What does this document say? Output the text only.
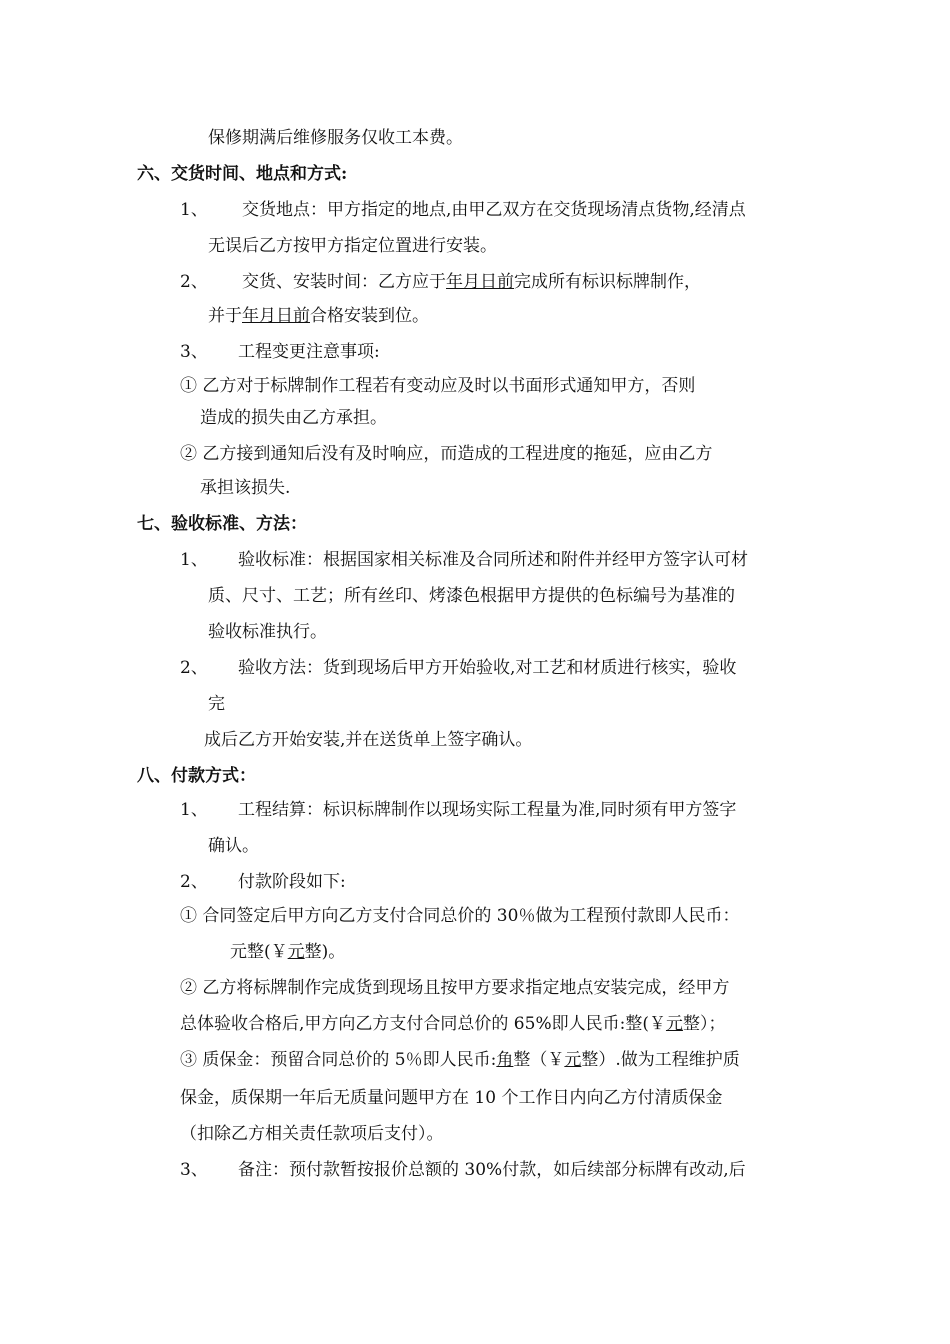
保修期满后维修服务仅收工本费。
六、交货时间、地点和方式:
1、 交货地点：甲方指定的地点,由甲乙双方在交货现场清点货物,经清点
无误后乙方按甲方指定位置进行安装。
2、 交货、安装时间：乙方应于年月日前完成所有标识标牌制作，
并于年月日前合格安装到位。
3、 工程变更注意事项:
① 乙方对于标牌制作工程若有变动应及时以书面形式通知甲方，否则
造成的损失由乙方承担。
② 乙方接到通知后没有及时响应，而造成的工程进度的拖延，应由乙方
承担该损失.
七、验收标准、方法：
1、 验收标准：根据国家相关标准及合同所述和附件并经甲方签字认可材
质、尺寸、工艺；所有丝印、烤漆色根据甲方提供的色标编号为基准的
验收标准执行。
2、 验收方法：货到现场后甲方开始验收,对工艺和材质进行核实，验收
完
成后乙方开始安装,并在送货单上签字确认。
八、付款方式：
1、 工程结算：标识标牌制作以现场实际工程量为准,同时须有甲方签字
确认。
2、 付款阶段如下:
① 合同签定后甲方向乙方支付合同总价的 30％做为工程预付款即人民币：
元整(￥元整)。
② 乙方将标牌制作完成货到现场且按甲方要求指定地点安装完成，经甲方
总体验收合格后,甲方向乙方支付合同总价的 65%即人民币:整(￥元整）；
③ 质保金：预留合同总价的 5％即人民币:角整（￥元整）.做为工程维护质
保金，质保期一年后无质量问题甲方在 10 个工作日内向乙方付清质保金
（扣除乙方相关责任款项后支付）。
3、 备注：预付款暂按报价总额的 30%付款，如后续部分标牌有改动,后
